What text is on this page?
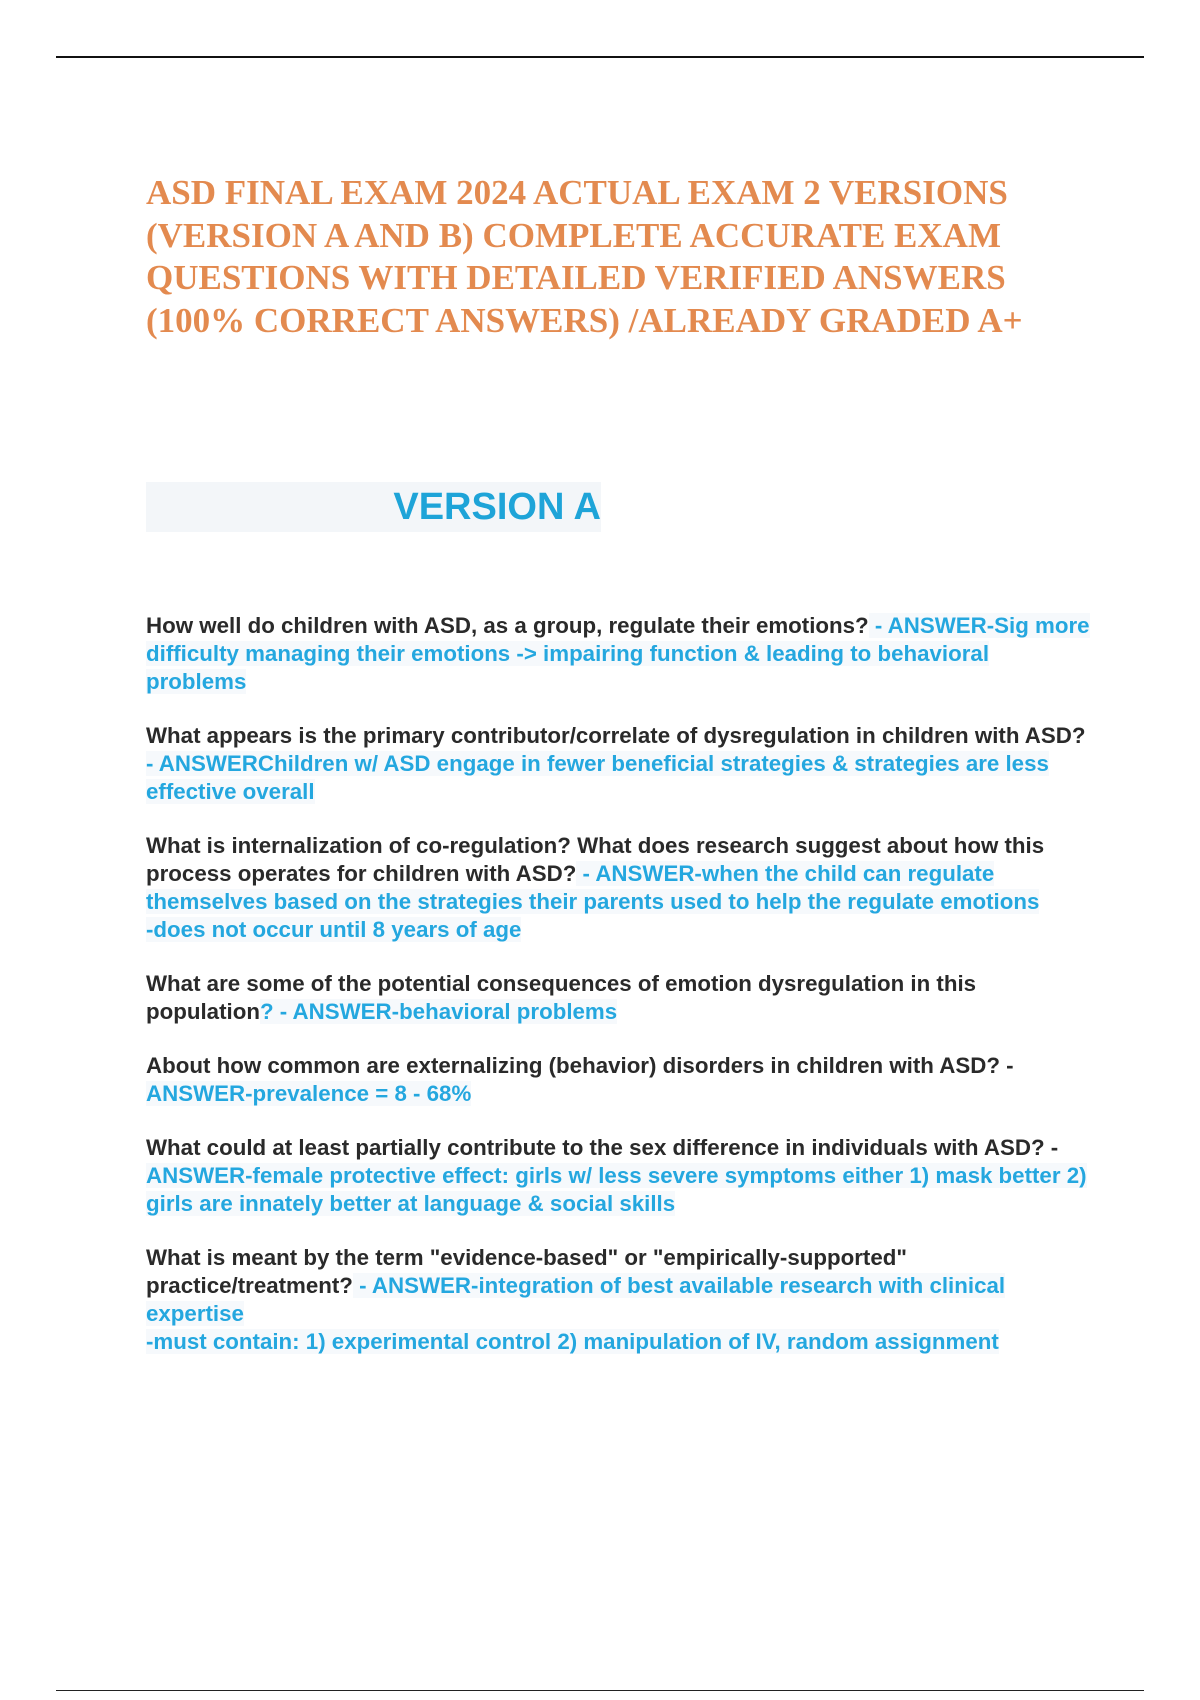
ASD FINAL EXAM 2024 ACTUAL EXAM 2 VERSIONS (VERSION A AND B) COMPLETE ACCURATE EXAM QUESTIONS WITH DETAILED VERIFIED ANSWERS (100% CORRECT ANSWERS) /ALREADY GRADED A+
VERSION A

How well do children with ASD, as a group, regulate their emotions? - ANSWER-Sig more difficulty managing their emotions -> impairing function & leading to behavioral problems

What appears is the primary contributor/correlate of dysregulation in children with ASD? - ANSWERChildren w/ ASD engage in fewer beneficial strategies & strategies are less effective overall

What is internalization of co-regulation? What does research suggest about how this process operates for children with ASD? - ANSWER-when the child can regulate themselves based on the strategies their parents used to help the regulate emotions
-does not occur until 8 years of age

What are some of the potential consequences of emotion dysregulation in this population? - ANSWER-behavioral problems

About how common are externalizing (behavior) disorders in children with ASD? - ANSWER-prevalence = 8 - 68%

What could at least partially contribute to the sex difference in individuals with ASD? - ANSWER-female protective effect: girls w/ less severe symptoms either 1) mask better 2) girls are innately better at language & social skills

What is meant by the term "evidence-based" or "empirically-supported" practice/treatment? - ANSWER-integration of best available research with clinical expertise
-must contain: 1) experimental control 2) manipulation of IV, random assignment
